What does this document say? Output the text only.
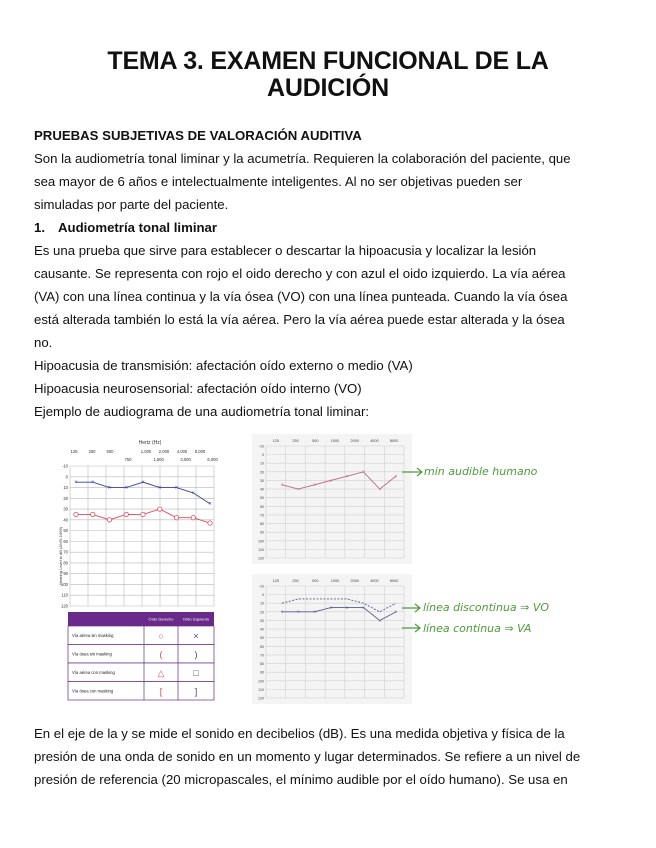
TEMA 3. EXAMEN FUNCIONAL DE LA
AUDICIÓN
PRUEBAS SUBJETIVAS DE VALORACIÓN AUDITIVA
Son la audiometría tonal liminar y la acumetría. Requieren la colaboración del paciente, que
sea mayor de 6 años e intelectualmente inteligentes. Al no ser objetivas pueden ser
simuladas por parte del paciente.
1. Audiometría tonal liminar
Es una prueba que sirve para establecer o descartar la hipoacusia y localizar la lesión
causante. Se representa con rojo el oido derecho y con azul el oido izquierdo. La vía aérea
(VA) con una línea continua y la vía ósea (VO) con una línea punteada. Cuando la vía ósea
está alterada también lo está la vía aérea. Pero la vía aérea puede estar alterada y la ósea
no.
Hipoacusia de transmisión: afectación oído externo o medio (VA)
Hipoacusia neurosensorial: afectación oído interno (VO)
Ejemplo de audiograma de una audiometría tonal liminar:
Hertz (Hz)
125	250	500	1,000 2,000 4,000 8,000
750	1,500	3,000	6,000
-10
0
10
20
30
40
50
60
70
80
90
100
110
120
Hearing Level in dB (ANSI 1996)
× ×
× ×
×
× ×
×
×
Oído Derecho Oído Izquierdo
Vía aérea sin masking	○	×
Vía ósea sin masking	(	)
Vía aérea con masking	△	□
Vía ósea con masking	[	]
125	250	500	1000	2000	4000	8000
-10
0
10
20
30
40
50
60
70
80
90
100
110
120
×
×
×
×
×
×
×
×
125	250	500	1000	2000	4000	8000
-10
0
10
20
30
40
50
60
70
80
90
100
110
120
·
·	·	·	·
·
·
·
×	×	×
×	×	×
×
×
min audible humano
línea discontinua ⇒ VO
línea continua ⇒ VA
En el eje de la y se mide el sonido en decibelios (dB). Es una medida objetiva y física de la
presión de una onda de sonido en un momento y lugar determinados. Se refiere a un nivel de
presión de referencia (20 micropascales, el mínimo audible por el oído humano). Se usa en
